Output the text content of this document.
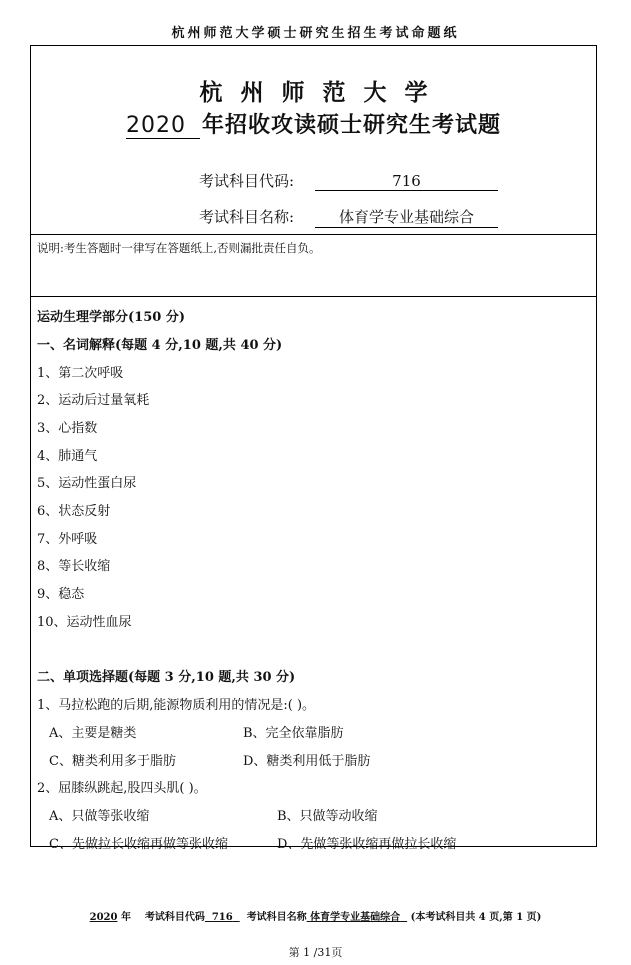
杭州师范大学硕士研究生招生考试命题纸
杭州师范大学
2020 年招收攻读硕士研究生考试题
考试科目代码:	716
考试科目名称:	体育学专业基础综合
说明:考生答题时一律写在答题纸上,否则漏批责任自负。
运动生理学部分(150 分)
一、名词解释(每题 4 分,10 题,共 40 分)
1、第二次呼吸
2、运动后过量氧耗
3、心指数
4、肺通气
5、运动性蛋白尿
6、状态反射
7、外呼吸
8、等长收缩
9、稳态
10、运动性血尿
二、单项选择题(每题 3 分,10 题,共 30 分)
1、马拉松跑的后期,能源物质利用的情况是:( )。
A、主要是糖类	B、完全依靠脂肪
C、糖类利用多于脂肪	D、糖类利用低于脂肪
2、屈膝纵跳起,股四头肌( )。
A、只做等张收缩	B、只做等动收缩
C、先做拉长收缩再做等张收缩	D、先做等张收缩再做拉长收缩
2020 年 考试科目代码 716 考试科目名称 体育学专业基础综合 (本考试科目共 4 页,第 1 页)
第 1 /31页
